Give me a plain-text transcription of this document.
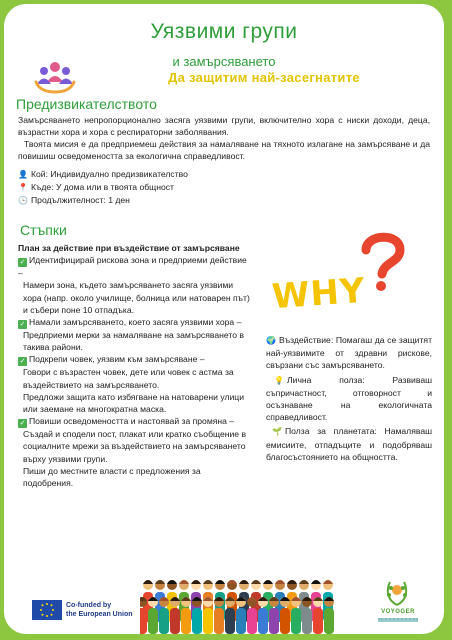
Уязвими групи
и замърсяването
Да защитим най-засегнатите
Предизвикателството
Замърсяването непропорционално засяга уязвими групи, включително хора с ниски доходи, деца, възрастни хора и хора с респираторни заболявания.
Твоята мисия е да предприемеш действия за намаляване на тяхното излагане на замърсяване и да повишиш осведомеността за екологична справедливост.
👤 Кой: Индивидуално предизвикателство
📍 Къде: У дома или в твоята общност
🕒 Продължителност: 1 ден
Стъпки
План за действие при въздействие от замърсяване
✓ Идентифицирай рискова зона и предприеми действие –
Намери зона, където замърсяването засяга уязвими хора (напр. около училище, болница или натоварен път) и събери поне 10 отпадъка.
✓ Намали замърсяването, което засяга уязвими хора –
Предприеми мерки за намаляване на замърсяването в такива райони.
✓ Подкрепи човек, уязвим към замърсяване –
Говори с възрастен човек, дете или човек с астма за въздействието на замърсяването.
Предложи защита като избягване на натоварени улици или заемане на многократна маска.
✓ Повиши осведомеността и настоявай за промяна –
Създай и сподели пост, плакат или кратко съобщение в социалните мрежи за въздействието на замърсяването върху уязвими групи.
Пиши до местните власти с предложения за подобрения.
WHY
🌍 Въздействие: Помагаш да се защитят най-уязвимите от здравни рискове, свързани със замърсяването.
💡 Лична полза: Развиваш съпричастност, отговорност и осъзнаване на екологичната справедливост.
🌱 Полза за планетата: Намаляваш емисиите, отпадъците и подобряваш благосъстоянието на общността.
Co-funded by
the European Union	VOYOGER
